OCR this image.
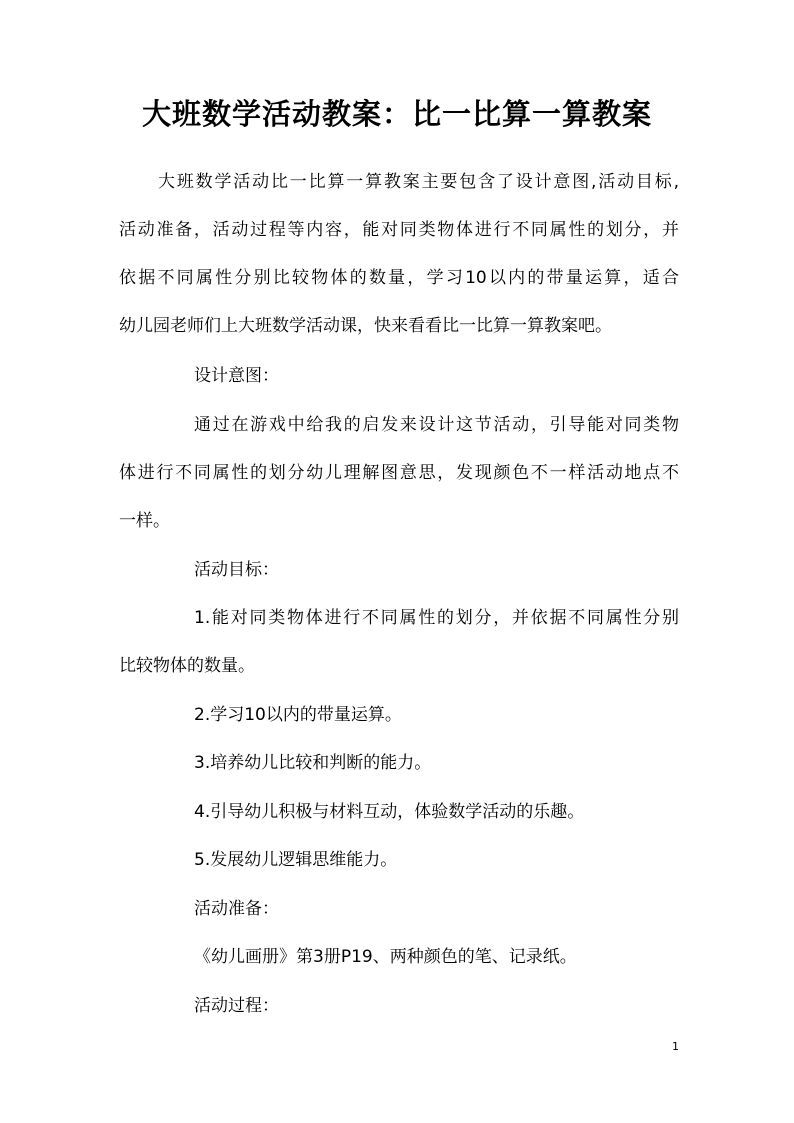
大班数学活动教案：比一比算一算教案
大班数学活动比一比算一算教案主要包含了设计意图,活动目标,
活动准备，活动过程等内容，能对同类物体进行不同属性的划分，并
依据不同属性分别比较物体的数量，学习10以内的带量运算，适合
幼儿园老师们上大班数学活动课，快来看看比一比算一算教案吧。
设计意图：
通过在游戏中给我的启发来设计这节活动，引导能对同类物
体进行不同属性的划分幼儿理解图意思，发现颜色不一样活动地点不
一样。
活动目标：
1.能对同类物体进行不同属性的划分，并依据不同属性分别
比较物体的数量。
2.学习10以内的带量运算。
3.培养幼儿比较和判断的能力。
4.引导幼儿积极与材料互动，体验数学活动的乐趣。
5.发展幼儿逻辑思维能力。
活动准备：
《幼儿画册》第3册P19、两种颜色的笔、记录纸。
活动过程：
1
